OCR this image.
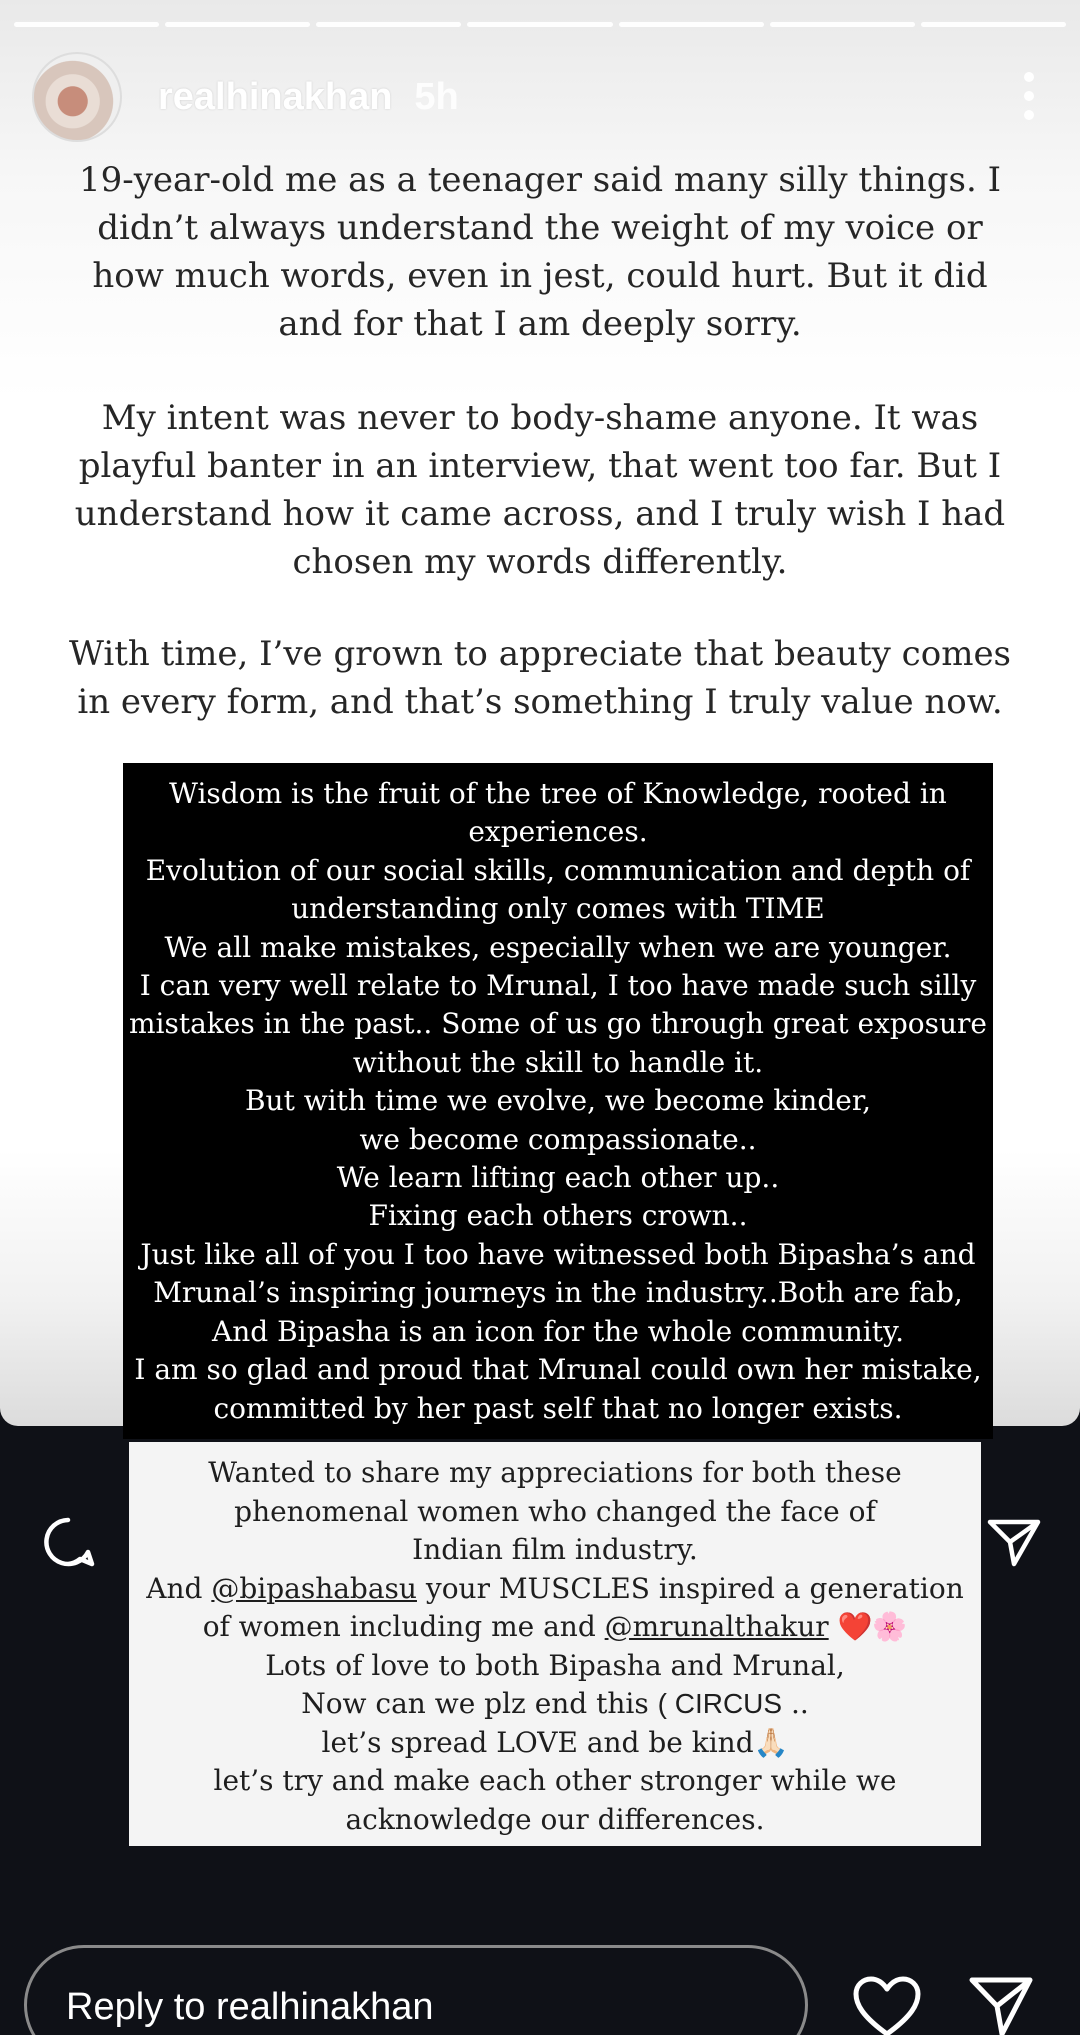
realhinakhan 5h
19-year-old me as a teenager said many silly things. I
didn’t always understand the weight of my voice or
how much words, even in jest, could hurt. But it did
and for that I am deeply sorry.
My intent was never to body-shame anyone. It was
playful banter in an interview, that went too far. But I
understand how it came across, and I truly wish I had
chosen my words differently.
With time, I’ve grown to appreciate that beauty comes
in every form, and that’s something I truly value now.
Wisdom is the fruit of the tree of Knowledge, rooted in
experiences.
Evolution of our social skills, communication and depth of
understanding only comes with TIME
We all make mistakes, especially when we are younger.
I can very well relate to Mrunal, I too have made such silly
mistakes in the past.. Some of us go through great exposure
without the skill to handle it.
But with time we evolve, we become kinder,
we become compassionate..
We learn lifting each other up..
Fixing each others crown..
Just like all of you I too have witnessed both Bipasha’s and
Mrunal’s inspiring journeys in the industry..Both are fab,
And Bipasha is an icon for the whole community.
I am so glad and proud that Mrunal could own her mistake,
committed by her past self that no longer exists.
Wanted to share my appreciations for both these
phenomenal women who changed the face of
Indian film industry.
And @bipashabasu your MUSCLES inspired a generation
of women including me and @mrunalthakur ❤️🌸
Lots of love to both Bipasha and Mrunal,
Now can we plz end this ( CIRCUS ..
let’s spread LOVE and be kind🙏🏻
let’s try and make each other stronger while we
acknowledge our differences.
Reply to realhinakhan
